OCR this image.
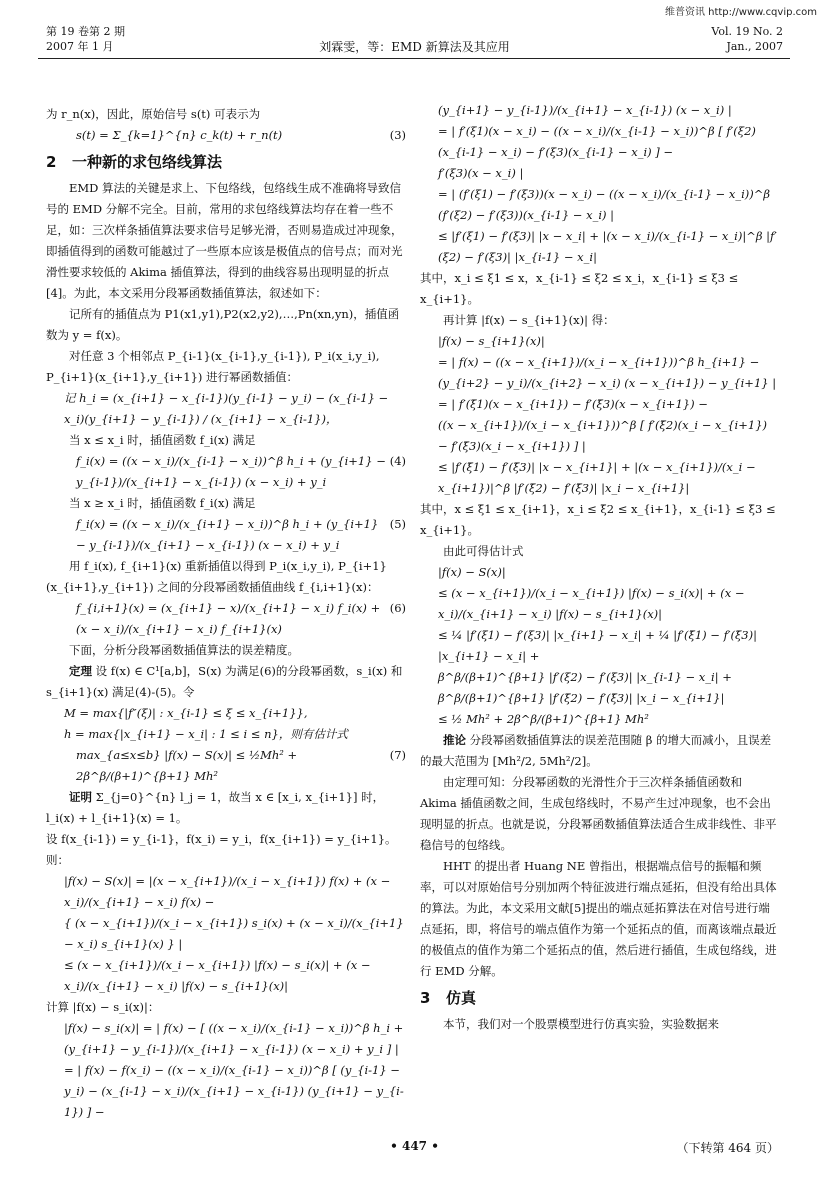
维普资讯 http://www.cqvip.com
第 19 卷第 2 期
2007 年 1 月	刘霖雯，等：EMD 新算法及其应用
Vol. 19 No. 2
Jan., 2007

为 r_n(x)，因此，原始信号 s(t) 可表示为

s(t) = Σ_{k=1}^{n} c_k(t) + r_n(t)	(3)

2 一种新的求包络线算法

EMD 算法的关键是求上、下包络线，包络线生成不准确将导致信号的 EMD 分解不完全。目前，常用的求包络线算法均存在着一些不足，如：三次样条插值算法要求信号足够光滑，否则易造成过冲现象，即插值得到的函数可能越过了一些原本应该是极值点的信号点；而对光滑性要求较低的 Akima 插值算法，得到的曲线容易出现明显的折点[4]。为此，本文采用分段幂函数插值算法，叙述如下：

记所有的插值点为 P1(x1,y1),P2(x2,y2),…,Pn(xn,yn)，插值函数为 y = f(x)。

对任意 3 个相邻点 P_{i-1}(x_{i-1},y_{i-1}), P_i(x_i,y_i), P_{i+1}(x_{i+1},y_{i+1}) 进行幂函数插值：

记 h_i = (x_{i+1} − x_{i-1})(y_{i-1} − y_i) − (x_{i-1} − x_i)(y_{i+1} − y_{i-1}) / (x_{i+1} − x_{i-1})，

当 x ≤ x_i 时，插值函数 f_i(x) 满足

f_i(x) = ((x − x_i)/(x_{i-1} − x_i))^β h_i + (y_{i+1} − y_{i-1})/(x_{i+1} − x_{i-1}) (x − x_i) + y_i
(4)

当 x ≥ x_i 时，插值函数 f_i(x) 满足

f_i(x) = ((x − x_i)/(x_{i+1} − x_i))^β h_i + (y_{i+1} − y_{i-1})/(x_{i+1} − x_{i-1}) (x − x_i) + y_i
(5)

用 f_i(x), f_{i+1}(x) 重新插值以得到 P_i(x_i,y_i), P_{i+1}(x_{i+1},y_{i+1}) 之间的分段幂函数插值曲线 f_{i,i+1}(x)：

f_{i,i+1}(x) = (x_{i+1} − x)/(x_{i+1} − x_i) f_i(x) + (x − x_i)/(x_{i+1} − x_i) f_{i+1}(x)
(6)

下面，分析分段幂函数插值算法的误差精度。

定理 设 f(x) ∈ C¹[a,b]，S(x) 为满足(6)的分段幂函数，s_i(x) 和 s_{i+1}(x) 满足(4)-(5)。令

M = max{|f″(ξ)| : x_{i-1} ≤ ξ ≤ x_{i+1}},

h = max{|x_{i+1} − x_i| : 1 ≤ i ≤ n}，则有估计式

max_{a≤x≤b} |f(x) − S(x)| ≤ ½Mh² + 2β^β/(β+1)^{β+1} Mh²
(7)

证明 Σ_{j=0}^{n} l_j = 1，故当 x ∈ [x_i, x_{i+1}] 时，l_i(x) + l_{i+1}(x) = 1。

设 f(x_{i-1}) = y_{i-1}，f(x_i) = y_i，f(x_{i+1}) = y_{i+1}。则：

|f(x) − S(x)| = |(x − x_{i+1})/(x_i − x_{i+1}) f(x) + (x − x_i)/(x_{i+1} − x_i) f(x) −

{ (x − x_{i+1})/(x_i − x_{i+1}) s_i(x) + (x − x_i)/(x_{i+1} − x_i) s_{i+1}(x) } |

≤ (x − x_{i+1})/(x_i − x_{i+1}) |f(x) − s_i(x)| + (x − x_i)/(x_{i+1} − x_i) |f(x) − s_{i+1}(x)|

计算 |f(x) − s_i(x)|：

|f(x) − s_i(x)| = | f(x) − [ ((x − x_i)/(x_{i-1} − x_i))^β h_i + (y_{i+1} − y_{i-1})/(x_{i+1} − x_{i-1}) (x − x_i) + y_i ] |

= | f(x) − f(x_i) − ((x − x_i)/(x_{i-1} − x_i))^β [ (y_{i-1} − y_i) − (x_{i-1} − x_i)/(x_{i+1} − x_{i-1}) (y_{i+1} − y_{i-1}) ] −

(y_{i+1} − y_{i-1})/(x_{i+1} − x_{i-1}) (x − x_i) |

= | f′(ξ1)(x − x_i) − ((x − x_i)/(x_{i-1} − x_i))^β [ f′(ξ2)(x_{i-1} − x_i) − f′(ξ3)(x_{i-1} − x_i) ] −

f′(ξ3)(x − x_i) |

= | (f′(ξ1) − f′(ξ3))(x − x_i) − ((x − x_i)/(x_{i-1} − x_i))^β (f′(ξ2) − f′(ξ3))(x_{i-1} − x_i) |

≤ |f′(ξ1) − f′(ξ3)| |x − x_i| + |(x − x_i)/(x_{i-1} − x_i)|^β |f′(ξ2) − f′(ξ3)| |x_{i-1} − x_i|

其中，x_i ≤ ξ1 ≤ x，x_{i-1} ≤ ξ2 ≤ x_i，x_{i-1} ≤ ξ3 ≤ x_{i+1}。

再计算 |f(x) − s_{i+1}(x)| 得：

|f(x) − s_{i+1}(x)|

= | f(x) − ((x − x_{i+1})/(x_i − x_{i+1}))^β h_{i+1} − (y_{i+2} − y_i)/(x_{i+2} − x_i) (x − x_{i+1}) − y_{i+1} |

= | f′(ξ̄1)(x − x_{i+1}) − f′(ξ̄3)(x − x_{i+1}) −

((x − x_{i+1})/(x_i − x_{i+1}))^β [ f′(ξ̄2)(x_i − x_{i+1}) − f′(ξ̄3)(x_i − x_{i+1}) ] |

≤ |f′(ξ̄1) − f′(ξ̄3)| |x − x_{i+1}| + |(x − x_{i+1})/(x_i − x_{i+1})|^β |f′(ξ̄2) − f′(ξ̄3)| |x_i − x_{i+1}|

其中，x ≤ ξ̄1 ≤ x_{i+1}，x_i ≤ ξ̄2 ≤ x_{i+1}，x_{i-1} ≤ ξ̄3 ≤ x_{i+1}。

由此可得估计式

|f(x) − S(x)|

≤ (x − x_{i+1})/(x_i − x_{i+1}) |f(x) − s_i(x)| + (x − x_i)/(x_{i+1} − x_i) |f(x) − s_{i+1}(x)|

≤ ¼ |f′(ξ1) − f′(ξ3)| |x_{i+1} − x_i| + ¼ |f′(ξ̄1) − f′(ξ̄3)| |x_{i+1} − x_i| +

β^β/(β+1)^{β+1} |f′(ξ2) − f′(ξ3)| |x_{i-1} − x_i| +

β^β/(β+1)^{β+1} |f′(ξ̄2) − f′(ξ̄3)| |x_i − x_{i+1}|

≤ ½ Mh² + 2β^β/(β+1)^{β+1} Mh²

推论 分段幂函数插值算法的误差范围随 β 的增大而减小，且误差的最大范围为 [Mh²/2, 5Mh²/2]。

由定理可知：分段幂函数的光滑性介于三次样条插值函数和 Akima 插值函数之间，生成包络线时，不易产生过冲现象，也不会出现明显的折点。也就是说，分段幂函数插值算法适合生成非线性、非平稳信号的包络线。

HHT 的提出者 Huang NE 曾指出，根据端点信号的振幅和频率，可以对原始信号分别加两个特征波进行端点延拓，但没有给出具体的算法。为此，本文采用文献[5]提出的端点延拓算法在对信号进行端点延拓，即，将信号的端点值作为第一个延拓点的值，而离该端点最近的极值点的值作为第二个延拓点的值，然后进行插值，生成包络线，进行 EMD 分解。

3 仿真

本节，我们对一个股票模型进行仿真实验，实验数据来

• 447 •	（下转第 464 页）
